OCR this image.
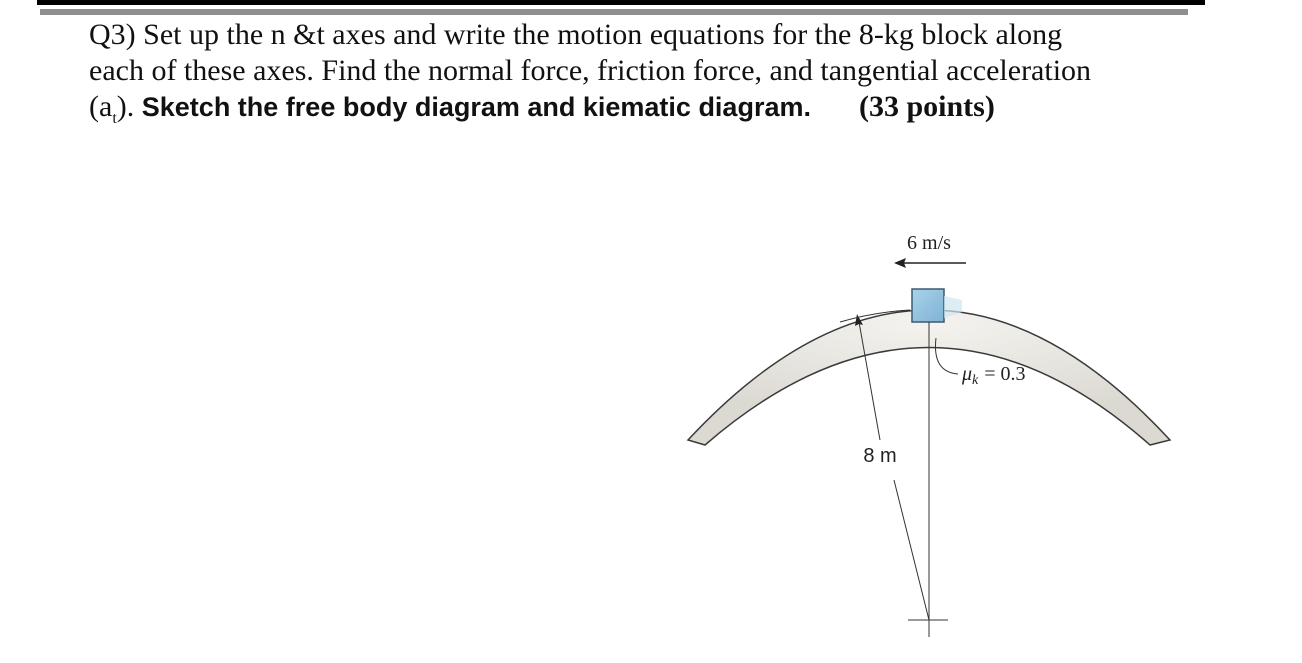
Q3) Set up the n &t axes and write the motion equations for the 8-kg block along
each of these axes. Find the normal force, friction force, and tangential acceleration
$(a_t)$. Sketch the free body diagram and kiematic diagram. (33 points)
6 m/s
8 m
$\mu_k = 0.3$
